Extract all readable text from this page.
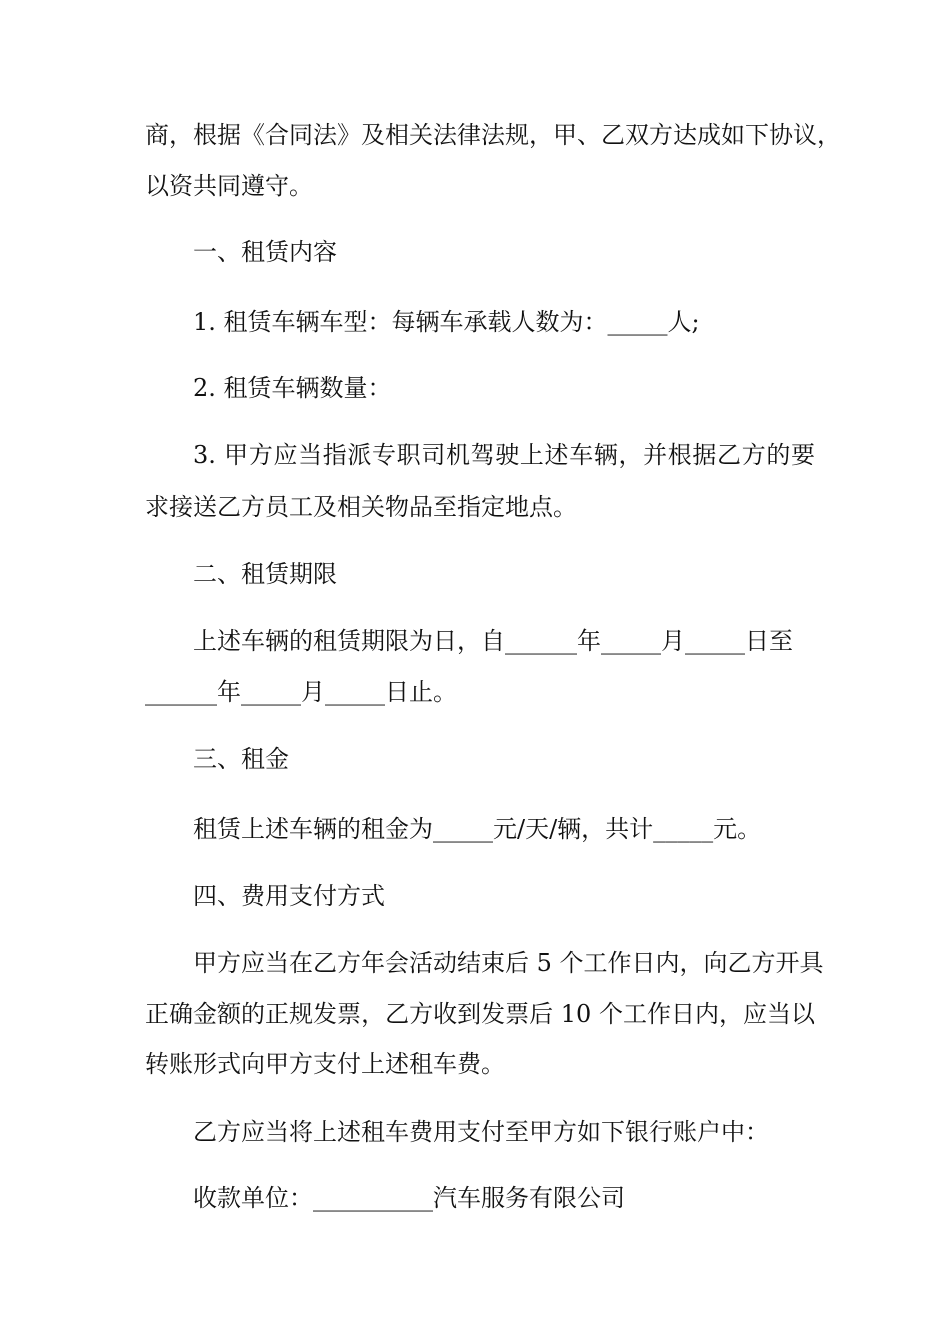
商，根据《合同法》及相关法律法规，甲、乙双方达成如下协议，
以资共同遵守。
一、租赁内容
1. 租赁车辆车型：每辆车承载人数为：_____人;
2. 租赁车辆数量：
3. 甲方应当指派专职司机驾驶上述车辆，并根据乙方的要
求接送乙方员工及相关物品至指定地点。
二、租赁期限
上述车辆的租赁期限为日，自______年_____月_____日至
______年_____月_____日止。
三、租金
租赁上述车辆的租金为_____元/天/辆，共计_____元。
四、费用支付方式
甲方应当在乙方年会活动结束后 5 个工作日内，向乙方开具
正确金额的正规发票，乙方收到发票后 10 个工作日内，应当以
转账形式向甲方支付上述租车费。
乙方应当将上述租车费用支付至甲方如下银行账户中：
收款单位：__________汽车服务有限公司
